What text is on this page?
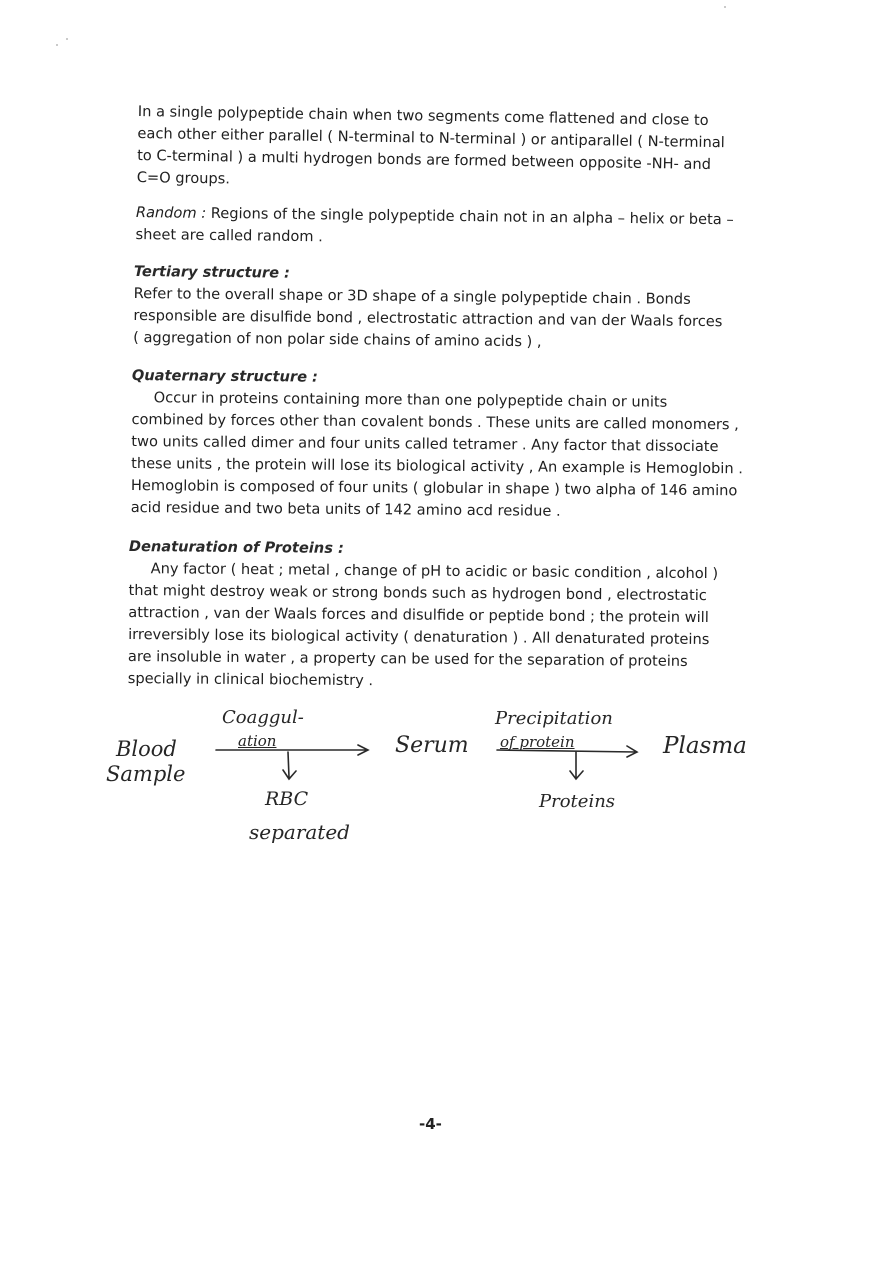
In a single polypeptide chain when two segments come flattened and close to
each other either parallel ( N-terminal to N-terminal ) or antiparallel ( N-terminal
to C-terminal ) a multi hydrogen bonds are formed between opposite -NH- and
C=O groups.
Random : Regions of the single polypeptide chain not in an alpha – helix or beta –
sheet are called random .
Tertiary structure :
Refer to the overall shape or 3D shape of a single polypeptide chain . Bonds
responsible are disulfide bond , electrostatic attraction and van der Waals forces
( aggregation of non polar side chains of amino acids ) ,
Quaternary structure :
Occur in proteins containing more than one polypeptide chain or units
combined by forces other than covalent bonds . These units are called monomers ,
two units called dimer and four units called tetramer . Any factor that dissociate
these units , the protein will lose its biological activity , An example is Hemoglobin .
Hemoglobin is composed of four units ( globular in shape ) two alpha of 146 amino
acid residue and two beta units of 142 amino acd residue .
Denaturation of Proteins :
Any factor ( heat ; metal , change of pH to acidic or basic condition , alcohol )
that might destroy weak or strong bonds such as hydrogen bond , electrostatic
attraction , van der Waals forces and disulfide or peptide bond ; the protein will
irreversibly lose its biological activity ( denaturation ) . All denaturated proteins
are insoluble in water , a property can be used for the separation of proteins
specially in clinical biochemistry .
Blood
Sample
Coaggul-
ation	Serum
Precipitation
of protein	Plasma
RBC
separated
Proteins
-4-
